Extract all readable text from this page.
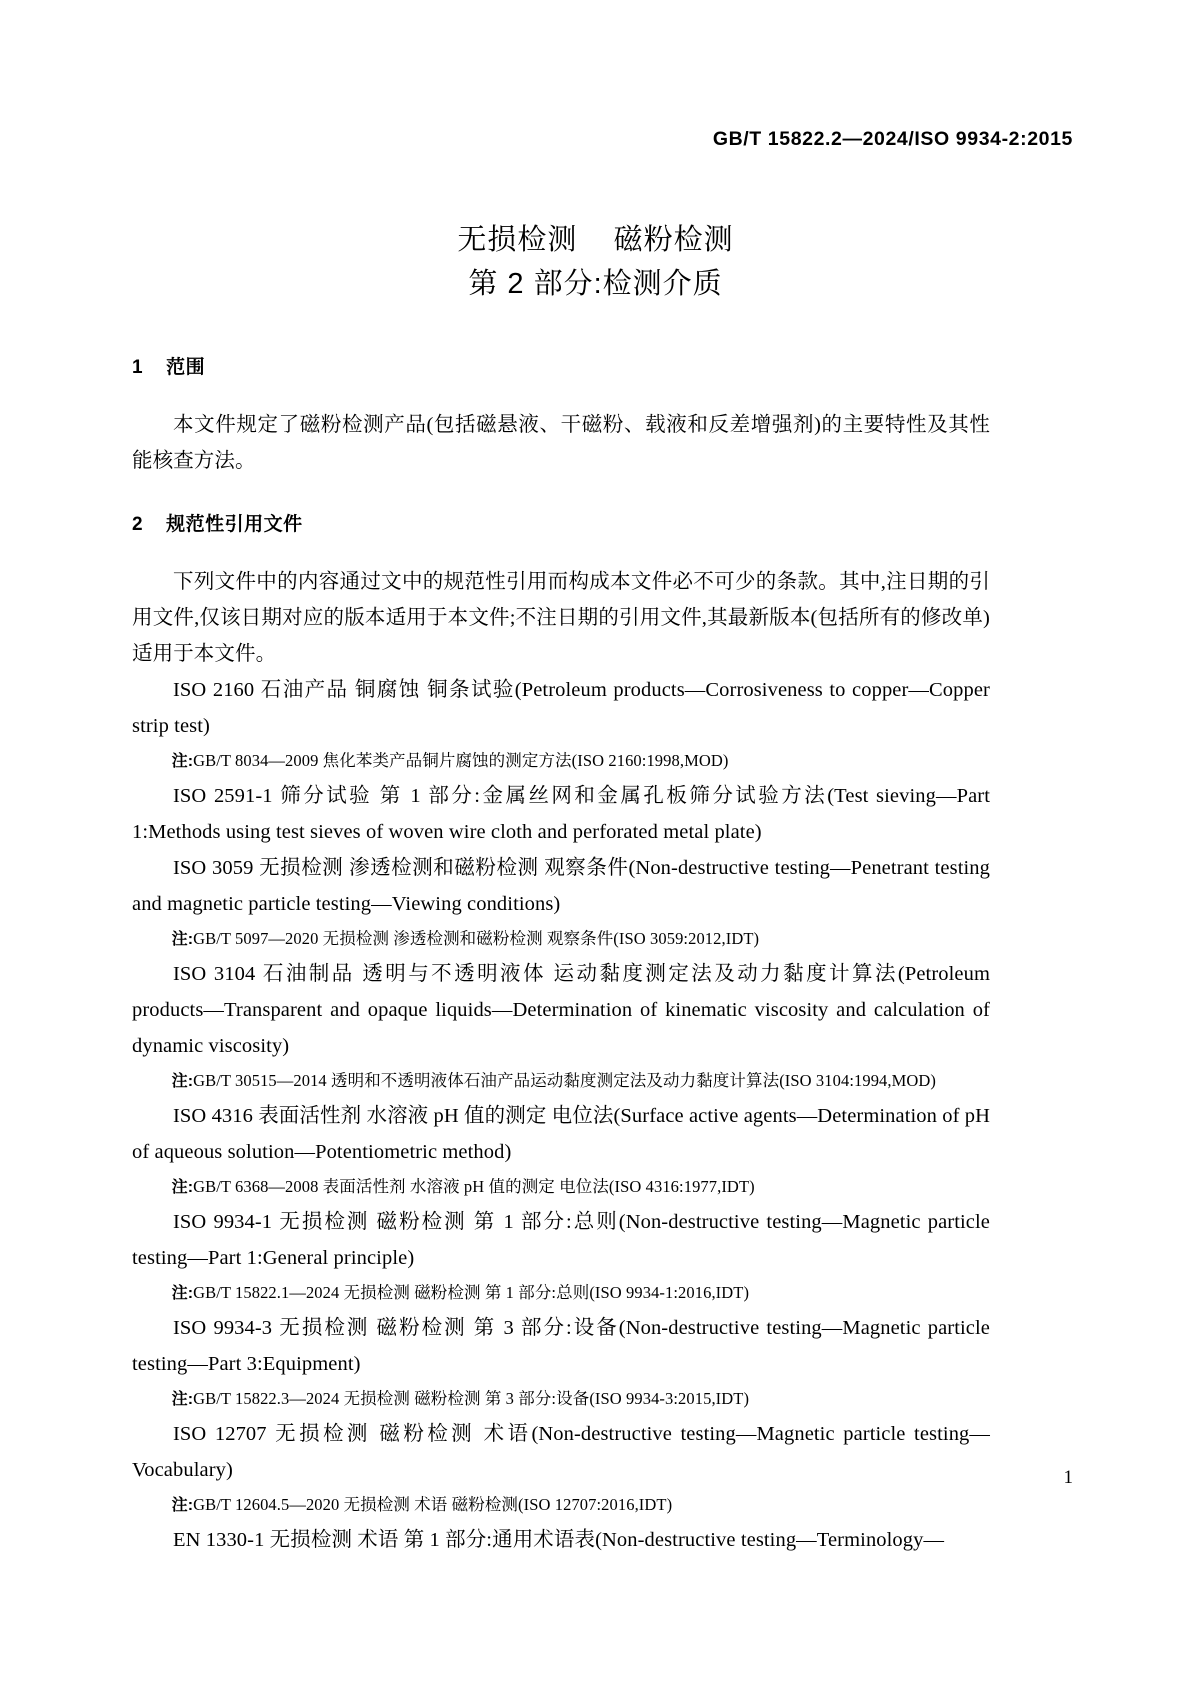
GB/T 15822.2—2024/ISO 9934-2:2015
无损检测    磁粉检测
第 2 部分:检测介质
1    范围

本文件规定了磁粉检测产品(包括磁悬液、干磁粉、载液和反差增强剂)的主要特性及其性能核查方法。

2    规范性引用文件

下列文件中的内容通过文中的规范性引用而构成本文件必不可少的条款。其中,注日期的引用文件,仅该日期对应的版本适用于本文件;不注日期的引用文件,其最新版本(包括所有的修改单)适用于本文件。

ISO 2160 石油产品 铜腐蚀 铜条试验(Petroleum products—Corrosiveness to copper—Copper strip test)

注:GB/T 8034—2009 焦化苯类产品铜片腐蚀的测定方法(ISO 2160:1998,MOD)

ISO 2591-1 筛分试验 第 1 部分:金属丝网和金属孔板筛分试验方法(Test sieving—Part 1:Methods using test sieves of woven wire cloth and perforated metal plate)

ISO 3059 无损检测 渗透检测和磁粉检测 观察条件(Non-destructive testing—Penetrant testing and magnetic particle testing—Viewing conditions)

注:GB/T 5097—2020 无损检测 渗透检测和磁粉检测 观察条件(ISO 3059:2012,IDT)

ISO 3104 石油制品 透明与不透明液体 运动黏度测定法及动力黏度计算法(Petroleum products—Transparent and opaque liquids—Determination of kinematic viscosity and calculation of dynamic viscosity)

注:GB/T 30515—2014 透明和不透明液体石油产品运动黏度测定法及动力黏度计算法(ISO 3104:1994,MOD)

ISO 4316 表面活性剂 水溶液 pH 值的测定 电位法(Surface active agents—Determination of pH of aqueous solution—Potentiometric method)

注:GB/T 6368—2008 表面活性剂 水溶液 pH 值的测定 电位法(ISO 4316:1977,IDT)

ISO 9934-1 无损检测 磁粉检测 第 1 部分:总则(Non-destructive testing—Magnetic particle testing—Part 1:General principle)

注:GB/T 15822.1—2024 无损检测 磁粉检测 第 1 部分:总则(ISO 9934-1:2016,IDT)

ISO 9934-3 无损检测 磁粉检测 第 3 部分:设备(Non-destructive testing—Magnetic particle testing—Part 3:Equipment)

注:GB/T 15822.3—2024 无损检测 磁粉检测 第 3 部分:设备(ISO 9934-3:2015,IDT)

ISO 12707 无损检测 磁粉检测 术语(Non-destructive testing—Magnetic particle testing—Vocabulary)

注:GB/T 12604.5—2020 无损检测 术语 磁粉检测(ISO 12707:2016,IDT)

EN 1330-1 无损检测 术语 第 1 部分:通用术语表(Non-destructive testing—Terminology—

1
